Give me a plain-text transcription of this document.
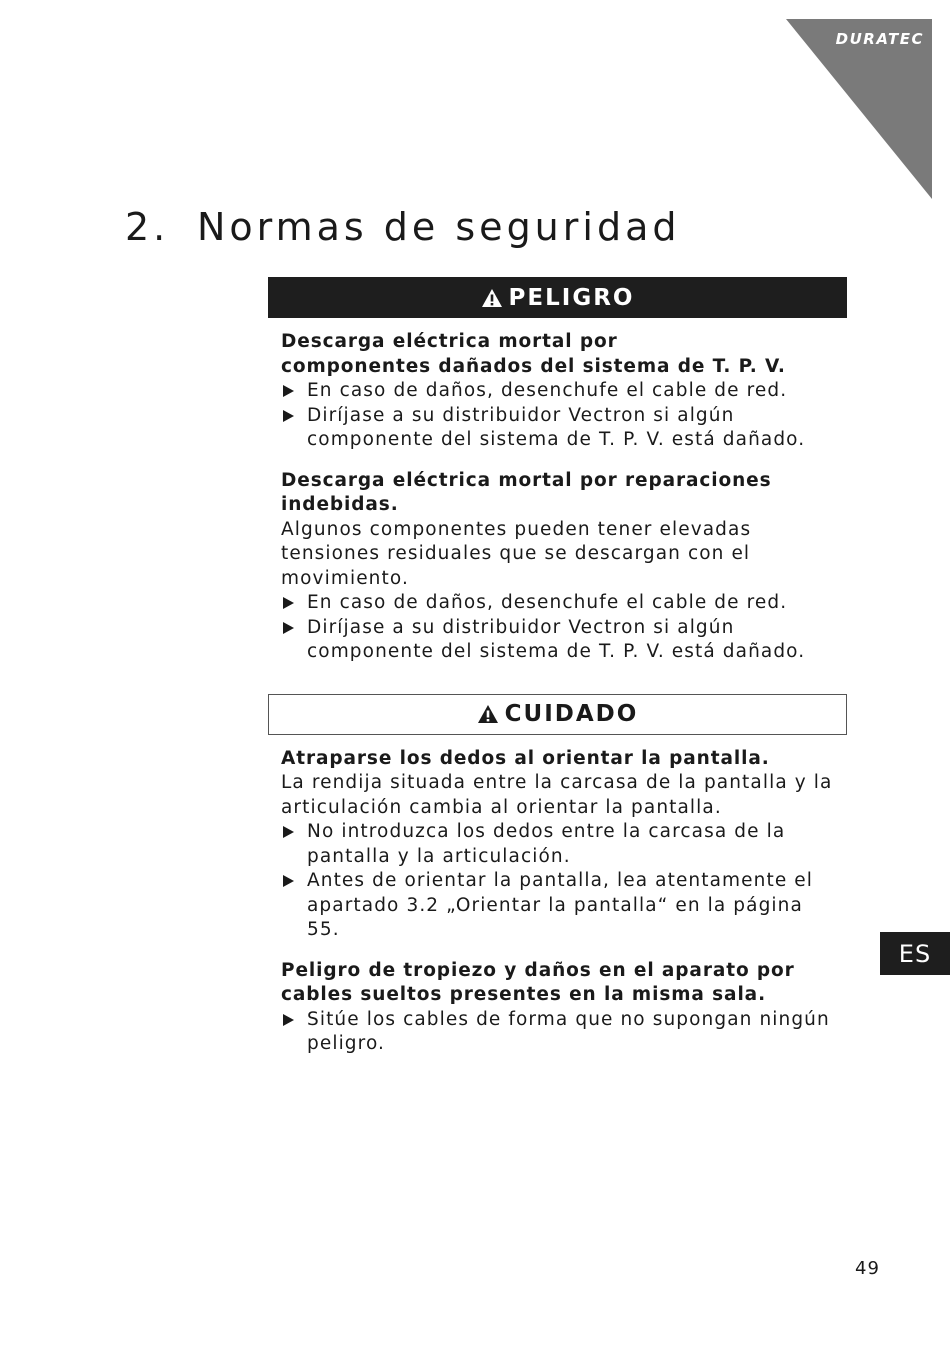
DURATEC
2. Normas de seguridad
PELIGRO
Descarga eléctrica mortal por
componentes dañados del sistema de T. P. V.
En caso de daños, desenchufe el cable de red.
Diríjase a su distribuidor Vectron si algún
componente del sistema de T. P. V. está dañado.
Descarga eléctrica mortal por reparaciones
indebidas.
Algunos componentes pueden tener elevadas
tensiones residuales que se descargan con el
movimiento.
En caso de daños, desenchufe el cable de red.
Diríjase a su distribuidor Vectron si algún
componente del sistema de T. P. V. está dañado.
CUIDADO
Atraparse los dedos al orientar la pantalla.
La rendija situada entre la carcasa de la pantalla y la
articulación cambia al orientar la pantalla.
No introduzca los dedos entre la carcasa de la
pantalla y la articulación.
Antes de orientar la pantalla, lea atentamente el
apartado 3.2 „Orientar la pantalla“ en la página
55.
Peligro de tropiezo y daños en el aparato por
cables sueltos presentes en la misma sala.
Sitúe los cables de forma que no supongan ningún
peligro.
ES
49
